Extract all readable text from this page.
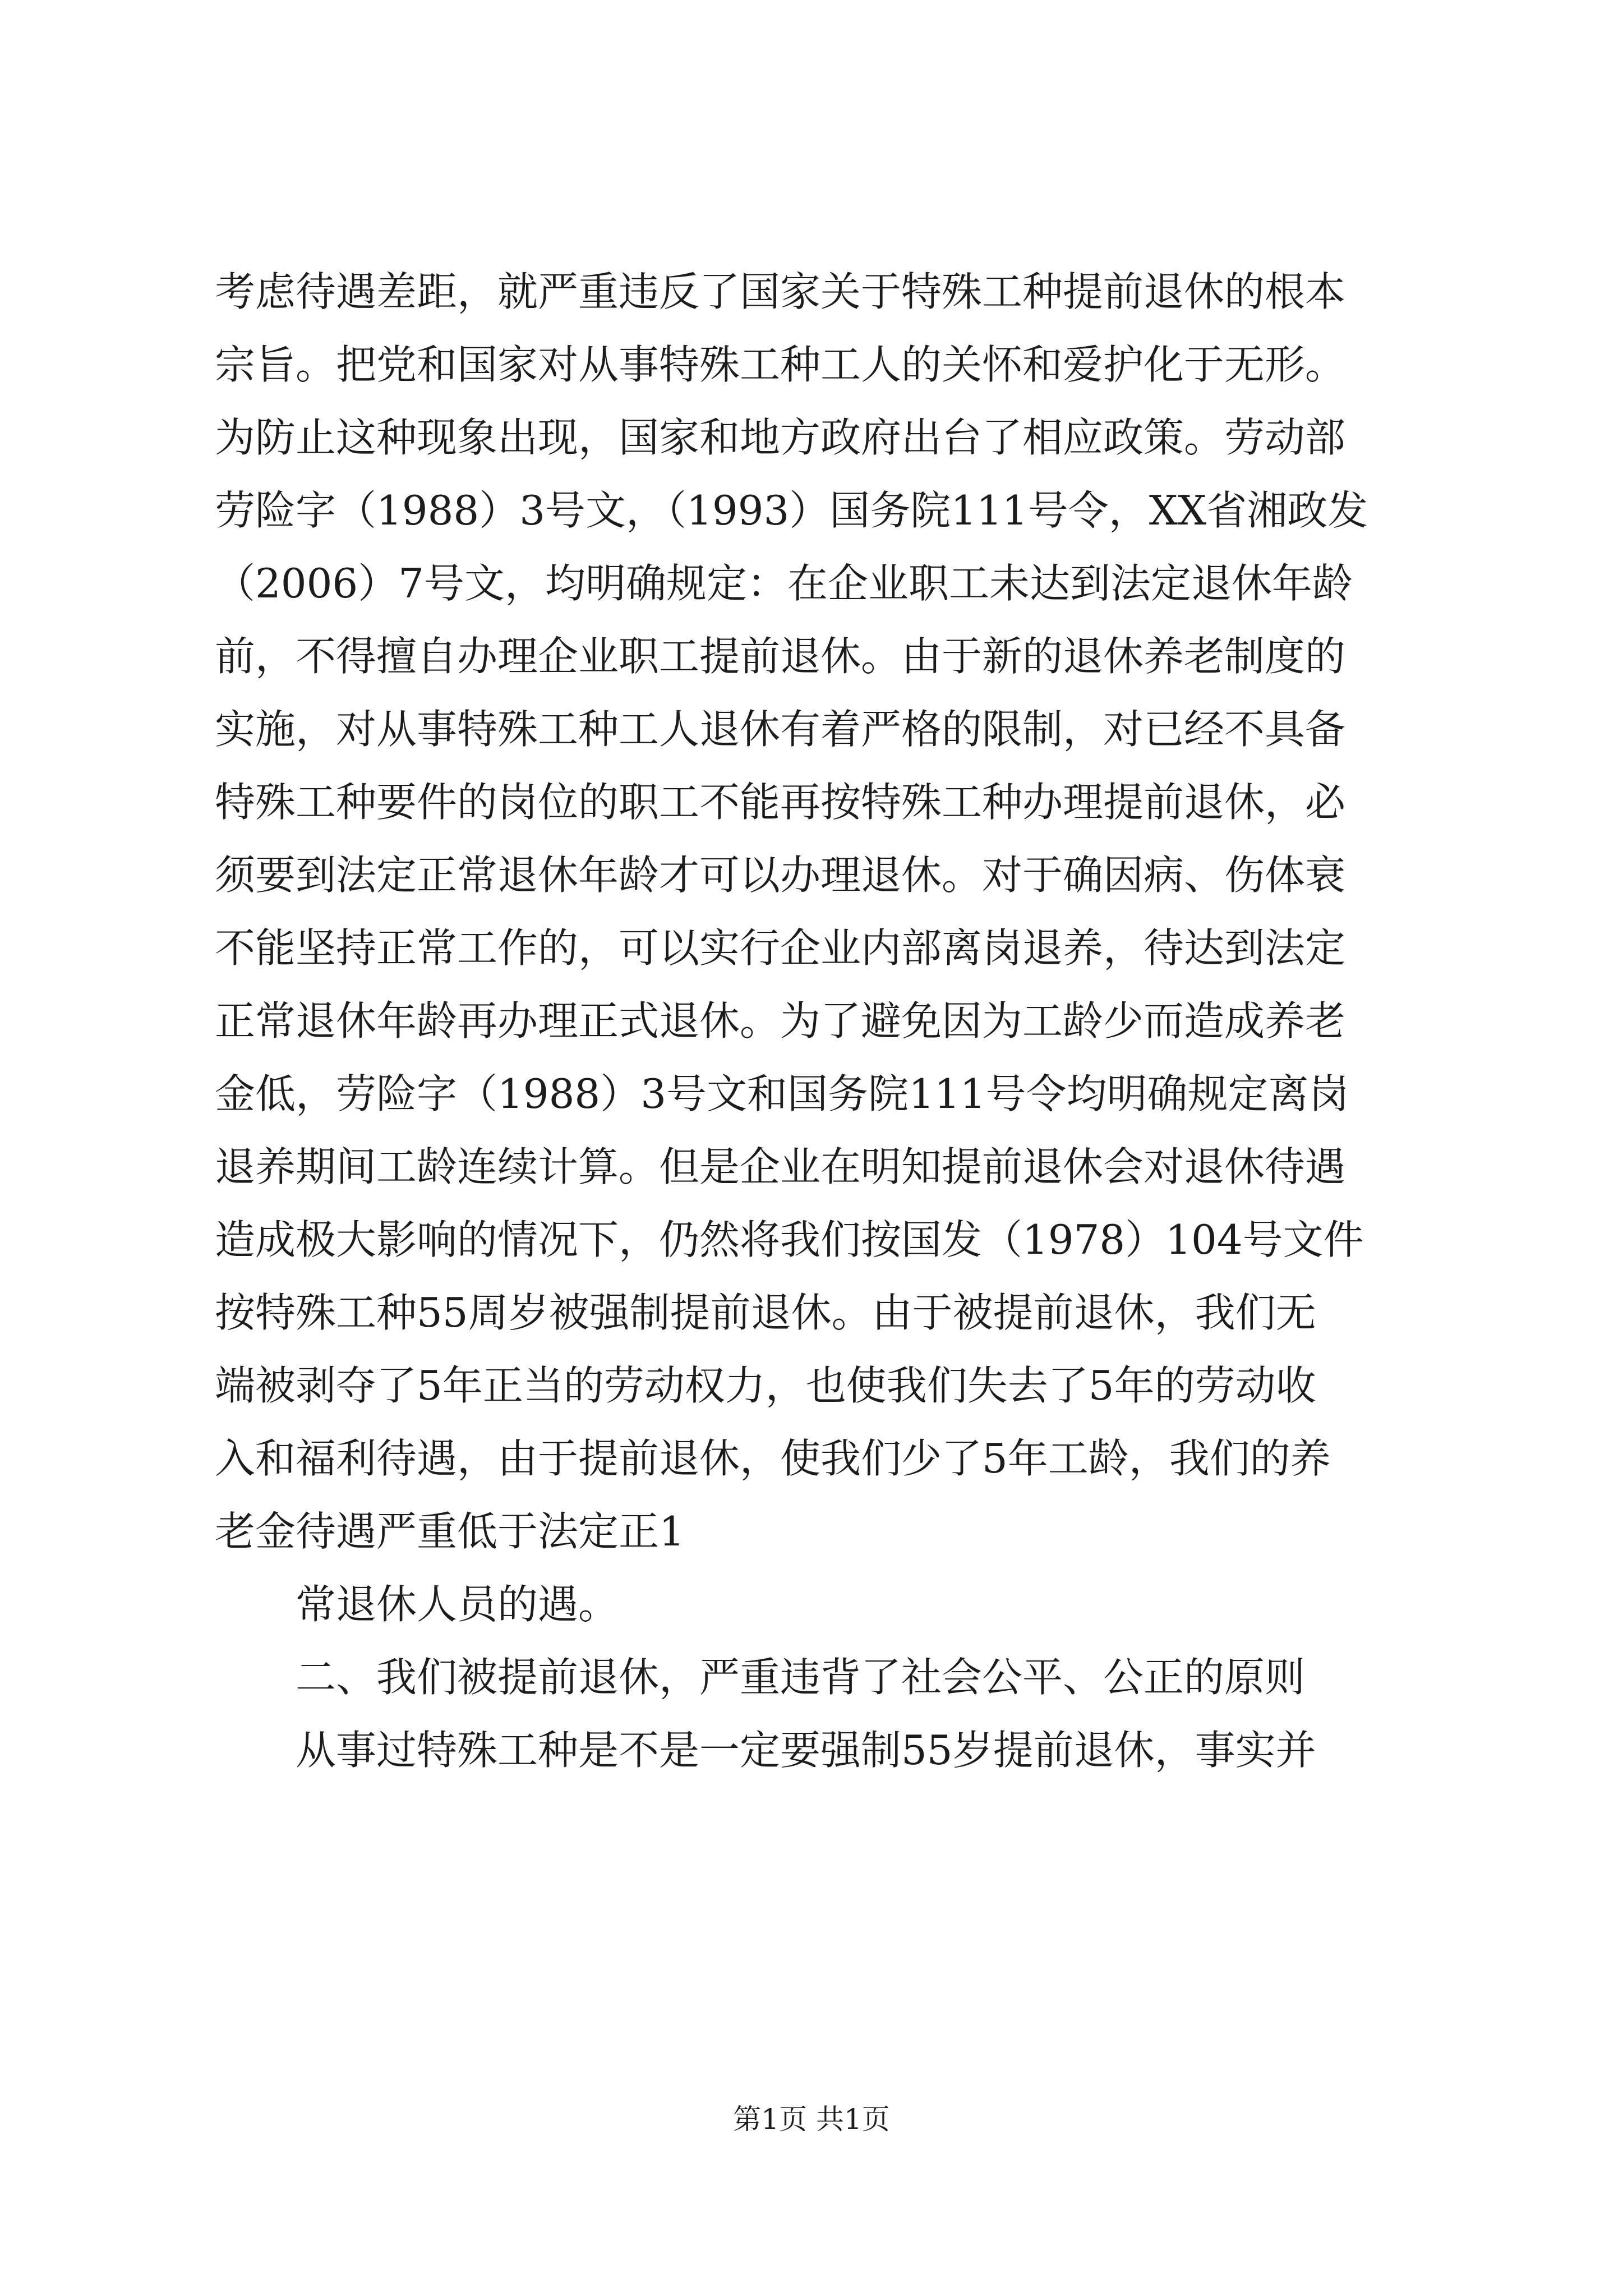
考虑待遇差距，就严重违反了国家关于特殊工种提前退休的根本
宗旨。把党和国家对从事特殊工种工人的关怀和爱护化于无形。
为防止这种现象出现，国家和地方政府出台了相应政策。劳动部
劳险字（1988）3号文，（1993）国务院111号令，XX省湘政发
（2006）7号文，均明确规定：在企业职工未达到法定退休年龄
前，不得擅自办理企业职工提前退休。由于新的退休养老制度的
实施，对从事特殊工种工人退休有着严格的限制，对已经不具备
特殊工种要件的岗位的职工不能再按特殊工种办理提前退休，必
须要到法定正常退休年龄才可以办理退休。对于确因病、伤体衰
不能坚持正常工作的，可以实行企业内部离岗退养，待达到法定
正常退休年龄再办理正式退休。为了避免因为工龄少而造成养老
金低，劳险字（1988）3号文和国务院111号令均明确规定离岗
退养期间工龄连续计算。但是企业在明知提前退休会对退休待遇
造成极大影响的情况下，仍然将我们按国发（1978）104号文件
按特殊工种55周岁被强制提前退休。由于被提前退休，我们无
端被剥夺了5年正当的劳动权力，也使我们失去了5年的劳动收
入和福利待遇，由于提前退休，使我们少了5年工龄，我们的养
老金待遇严重低于法定正1
常退休人员的遇。
二、我们被提前退休，严重违背了社会公平、公正的原则
从事过特殊工种是不是一定要强制55岁提前退休，事实并
第1页 共1页
